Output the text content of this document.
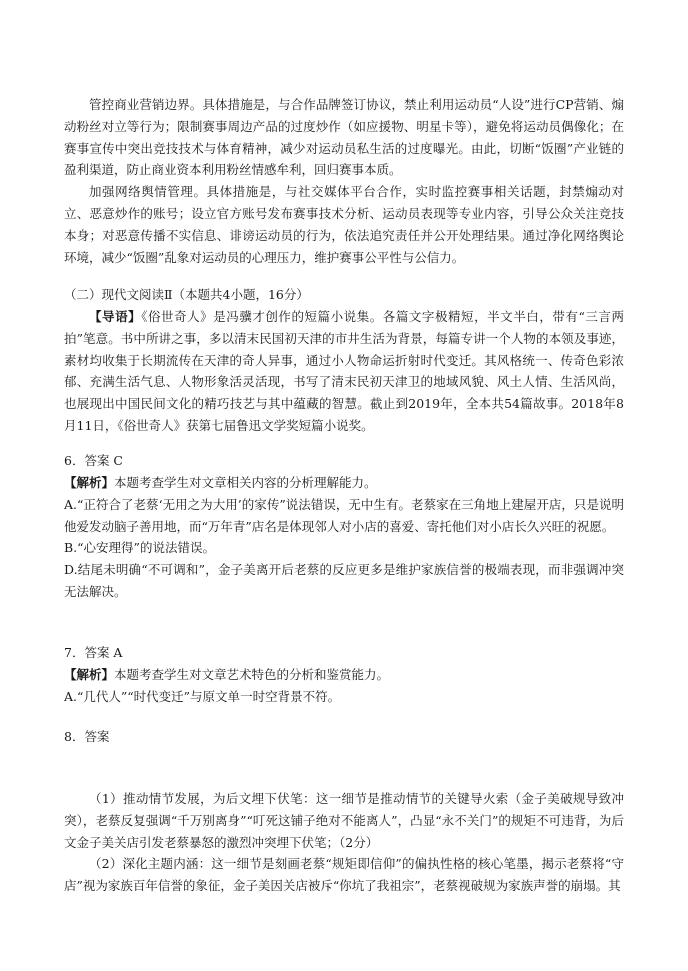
管控商业营销边界。具体措施是，与合作品牌签订协议，禁止利用运动员“人设”进行CP营销、煽动粉丝对立等行为；限制赛事周边产品的过度炒作（如应援物、明星卡等），避免将运动员偶像化；在赛事宣传中突出竞技技术与体育精神，减少对运动员私生活的过度曝光。由此，切断“饭圈”产业链的盈利渠道，防止商业资本利用粉丝情感牟利，回归赛事本质。

加强网络舆情管理。具体措施是，与社交媒体平台合作，实时监控赛事相关话题，封禁煽动对立、恶意炒作的账号；设立官方账号发布赛事技术分析、运动员表现等专业内容，引导公众关注竞技本身；对恶意传播不实信息、诽谤运动员的行为，依法追究责任并公开处理结果。通过净化网络舆论环境，减少“饭圈”乱象对运动员的心理压力，维护赛事公平性与公信力。

（二）现代文阅读Ⅱ（本题共4小题，16分）

【导语】《俗世奇人》是冯骥才创作的短篇小说集。各篇文字极精短，半文半白，带有“三言两拍”笔意。书中所讲之事，多以清末民国初天津的市井生活为背景，每篇专讲一个人物的本领及事迹，素材均收集于长期流传在天津的奇人异事，通过小人物命运折射时代变迁。其风格统一、传奇色彩浓郁、充满生活气息、人物形象活灵活现，书写了清末民初天津卫的地域风貌、风土人情、生活风尚，也展现出中国民间文化的精巧技艺与其中蕴藏的智慧。截止到2019年，全本共54篇故事。2018年8月11日，《俗世奇人》获第七届鲁迅文学奖短篇小说奖。

6．答案 C

【解析】本题考查学生对文章相关内容的分析理解能力。

A.“正符合了老蔡‘无用之为大用’的家传”说法错误，无中生有。老蔡家在三角地上建屋开店，只是说明他爱发动脑子善用地，而“万年青”店名是体现邻人对小店的喜爱、寄托他们对小店长久兴旺的祝愿。

B.“心安理得”的说法错误。

D.结尾未明确“不可调和”，金子美离开后老蔡的反应更多是维护家族信誉的极端表现，而非强调冲突无法解决。

7．答案 A

【解析】本题考查学生对文章艺术特色的分析和鉴赏能力。

A.“几代人”“时代变迁”与原文单一时空背景不符。

8．答案

（1）推动情节发展，为后文埋下伏笔：这一细节是推动情节的关键导火索（金子美破规导致冲突），老蔡反复强调“千万别离身”“叮死这铺子绝对不能离人”，凸显“永不关门”的规矩不可违背，为后文金子美关店引发老蔡暴怒的激烈冲突埋下伏笔；（2分）

（2）深化主题内涵：这一细节是刻画老蔡“规矩即信仰”的偏执性格的核心笔墨，揭示老蔡将“守店”视为家族百年信誉的象征，金子美因关店被斥“你坑了我祖宗”，老蔡视破规为家族声誉的崩塌。其
